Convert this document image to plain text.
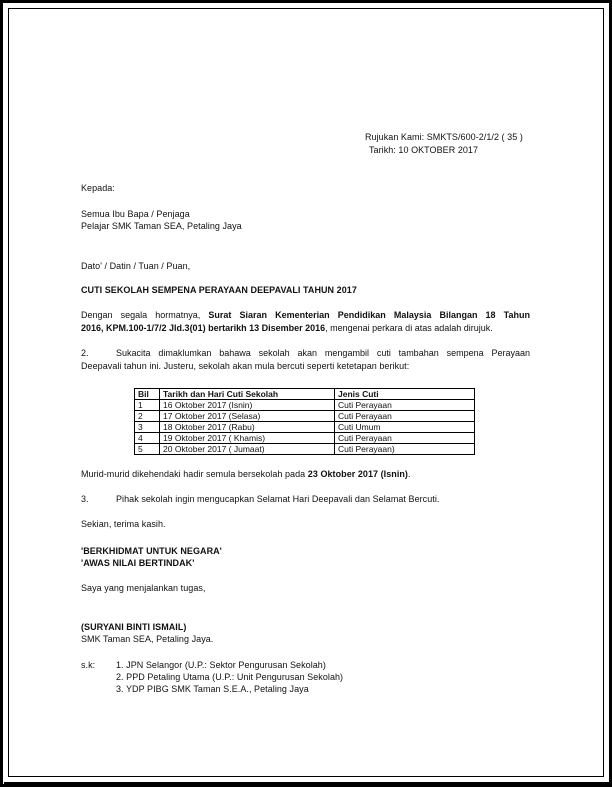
Rujukan Kami: SMKTS/600-2/1/2 ( 35 )
Tarikh: 10 OKTOBER 2017
Kepada:
Semua Ibu Bapa / Penjaga
Pelajar SMK Taman SEA, Petaling Jaya
Dato' / Datin / Tuan / Puan,
CUTI SEKOLAH SEMPENA PERAYAAN DEEPAVALI TAHUN 2017
Dengan segala hormatnya, Surat Siaran Kementerian Pendidikan Malaysia Bilangan 18 Tahun
2016, KPM.100-1/7/2 Jld.3(01) bertarikh 13 Disember 2016, mengenai perkara di atas adalah dirujuk.
2.	Sukacita dimaklumkan bahawa sekolah akan mengambil cuti tambahan sempena Perayaan
Deepavali tahun ini. Justeru, sekolah akan mula bercuti seperti ketetapan berikut:
Bil	Tarikh dan Hari Cuti Sekolah	Jenis Cuti
1	16 Oktober 2017 (Isnin)	Cuti Perayaan
2	17 Oktober 2017 (Selasa)	Cuti Perayaan
3	18 Oktober 2017 (Rabu)	Cuti Umum
4	19 Oktober 2017 ( Khamis)	Cuti Perayaan
5	20 Oktober 2017 ( Jumaat)	Cuti Perayaan)
Murid-murid dikehendaki hadir semula bersekolah pada 23 Oktober 2017 (Isnin).
3.	Pihak sekolah ingin mengucapkan Selamat Hari Deepavali dan Selamat Bercuti.
Sekian, terima kasih.
'BERKHIDMAT UNTUK NEGARA'
'AWAS NILAI BERTINDAK'
Saya yang menjalankan tugas,
(SURYANI BINTI ISMAIL)
SMK Taman SEA, Petaling Jaya.
s.k: 1. JPN Selangor (U.P.: Sektor Pengurusan Sekolah)
2. PPD Petaling Utama (U.P.: Unit Pengurusan Sekolah)
3. YDP PIBG SMK Taman S.E.A., Petaling Jaya
